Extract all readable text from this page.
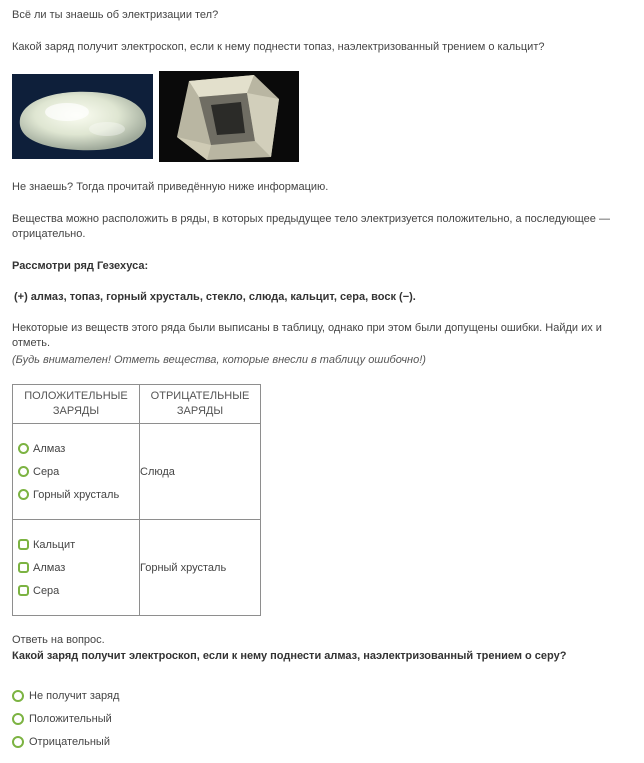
Всё ли ты знаешь об электризации тел?
Какой заряд получит электроскоп, если к нему поднести топаз, наэлектризованный трением о кальцит?
Не знаешь? Тогда прочитай приведённую ниже информацию.
Вещества можно расположить в ряды, в которых предыдущее тело электризуется положительно, а последующее — отрицательно.
Рассмотри ряд Гезехуса:
(+) алмаз, топаз, горный хрусталь, стекло, слюда, кальцит, сера, воск (−).
Некоторые из веществ этого ряда были выписаны в таблицу, однако при этом были допущены ошибки. Найди их и отметь.
(Будь внимателен! Отметь вещества, которые внесли в таблицу ошибочно!)
ПОЛОЖИТЕЛЬНЫЕ
ЗАРЯДЫ	ОТРИЦАТЕЛЬНЫЕ
ЗАРЯДЫ

Алмаз
Сера
Горный хрусталь	Слюда

Кальцит
Алмаз
Сера	Горный хрусталь
Ответь на вопрос.
Какой заряд получит электроскоп, если к нему поднести алмаз, наэлектризованный трением о серу?
Не получит заряд
Положительный
Отрицательный
